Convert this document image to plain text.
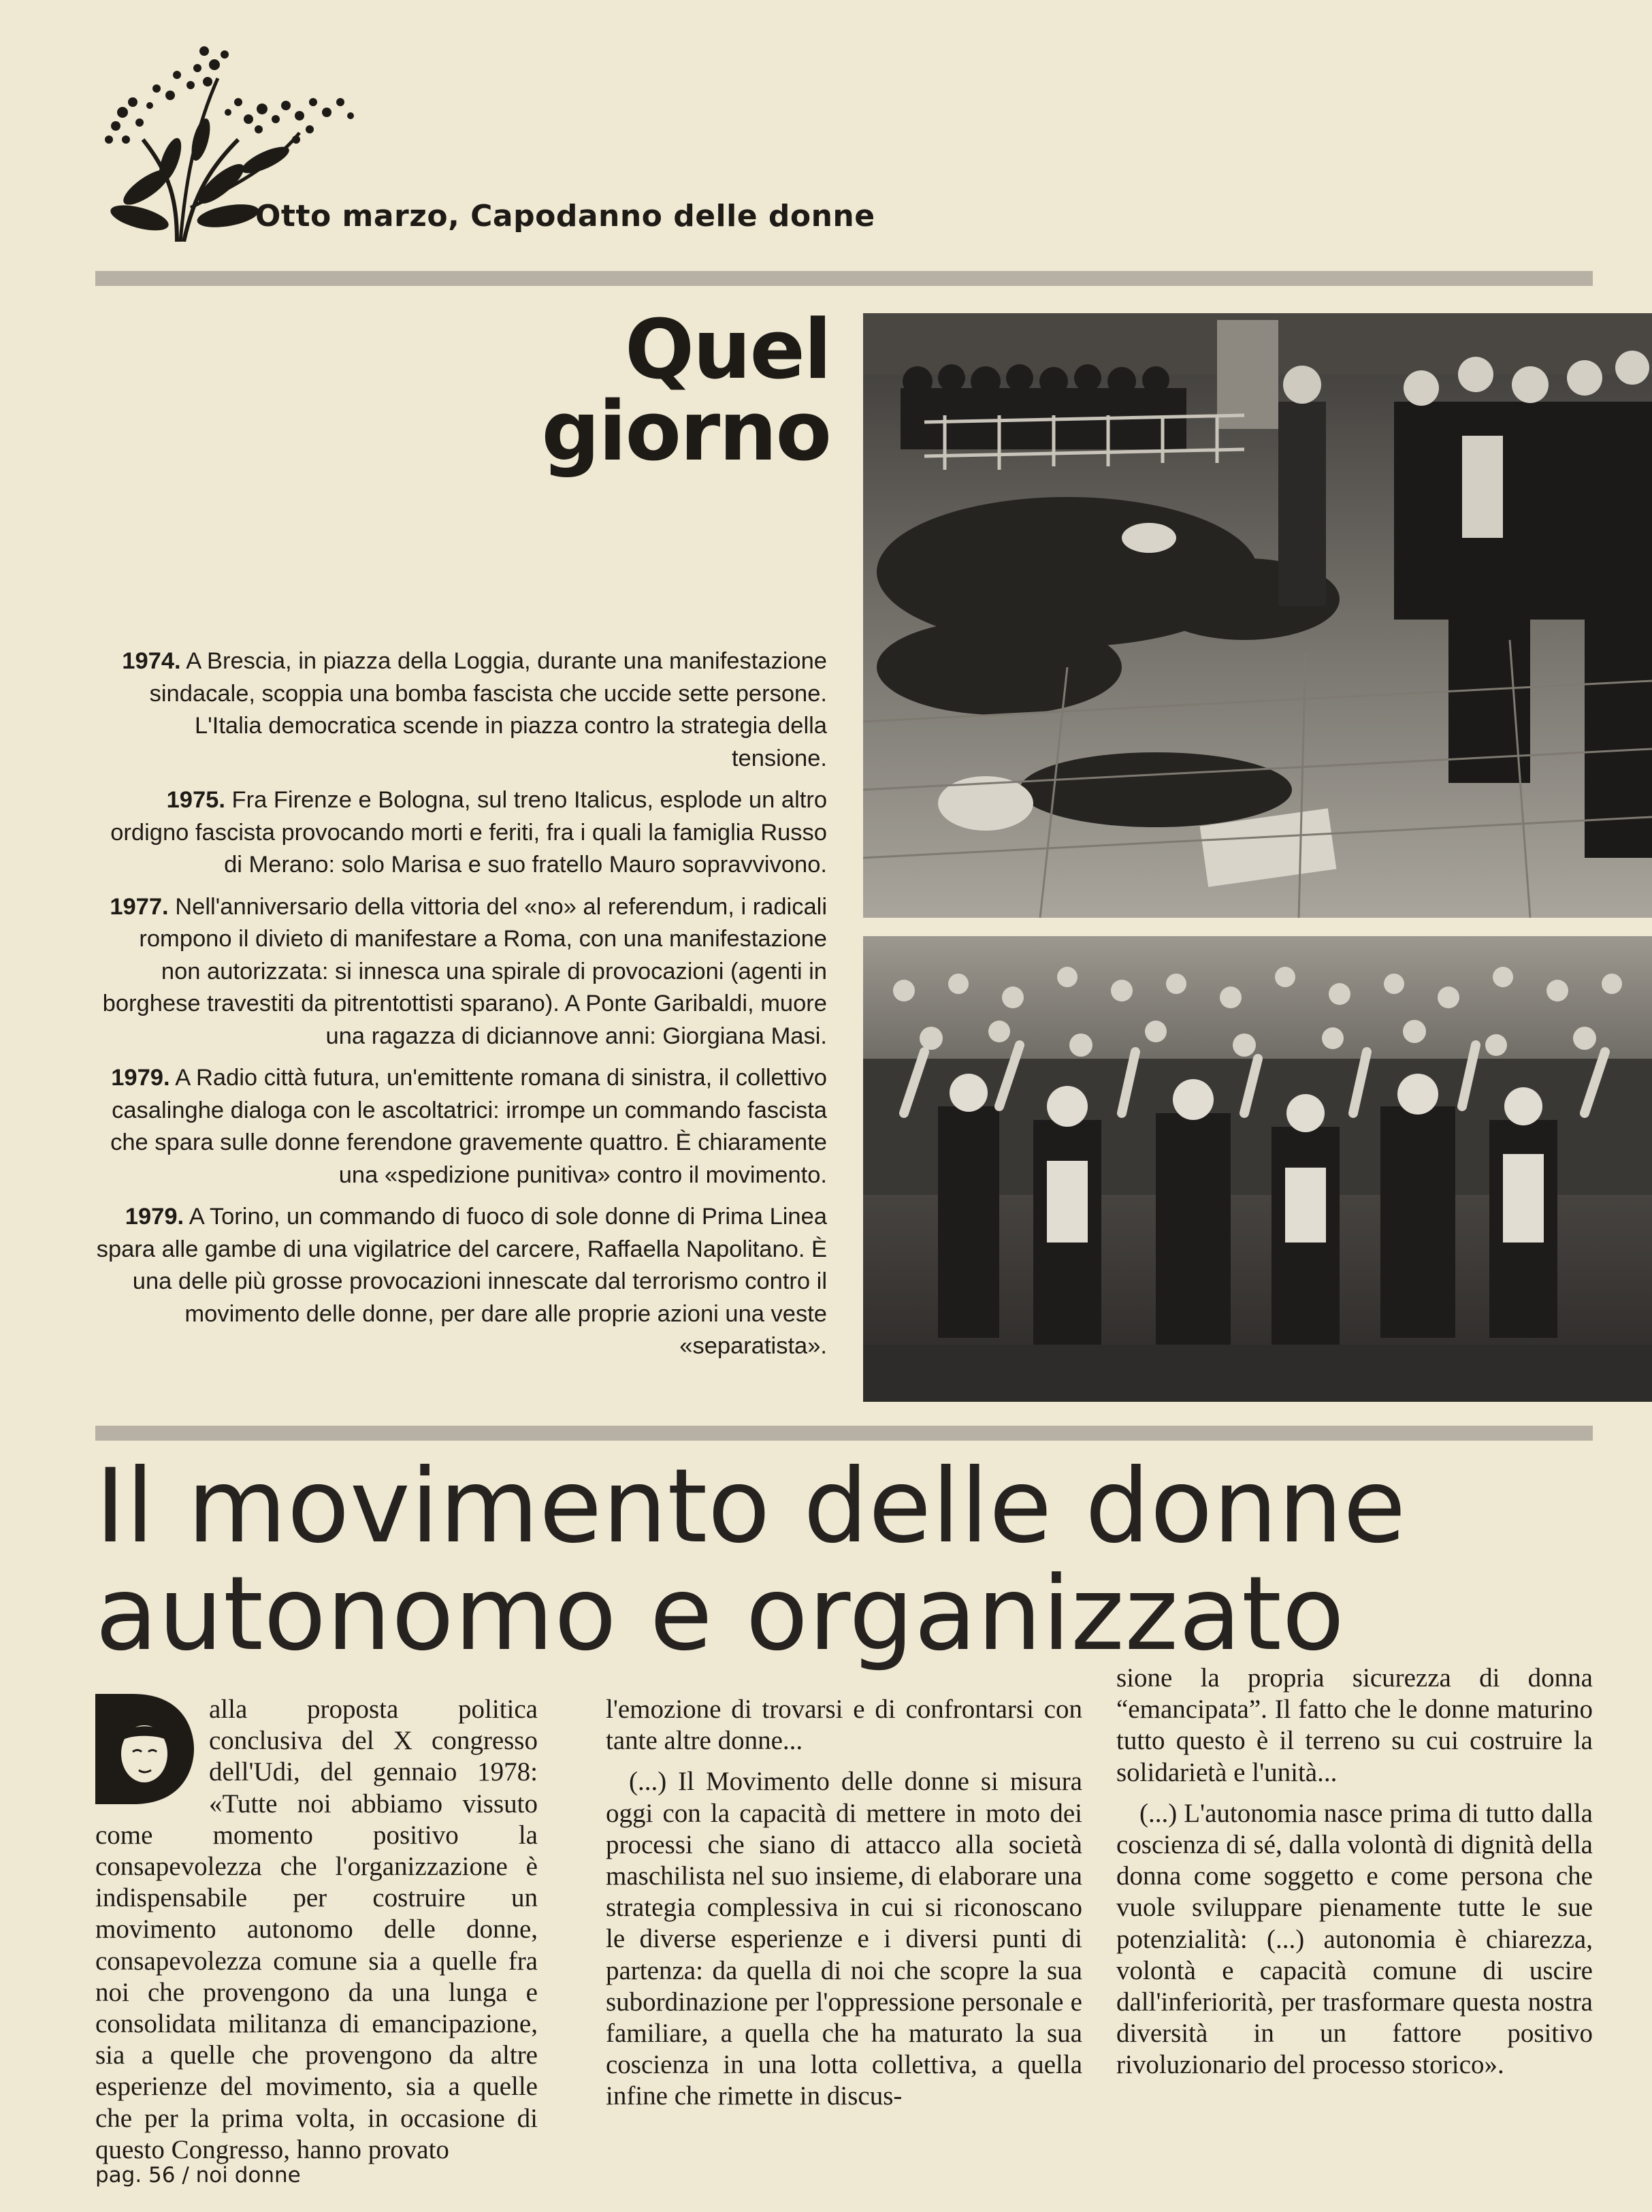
Otto marzo, Capodanno delle donne
Quel giorno

1974. A Brescia, in piazza della Loggia, durante una manifestazione sindacale, scoppia una bomba fascista che uccide sette persone. L'Italia democratica scende in piazza contro la strategia della tensione.

1975. Fra Firenze e Bologna, sul treno Italicus, esplode un altro ordigno fascista provocando morti e feriti, fra i quali la famiglia Russo di Merano: solo Marisa e suo fratello Mauro sopravvivono.

1977. Nell'anniversario della vittoria del «no» al referendum, i radicali rompono il divieto di manifestare a Roma, con una manifestazione non autorizzata: si innesca una spirale di provocazioni (agenti in borghese travestiti da pitrentottisti sparano). A Ponte Garibaldi, muore una ragazza di diciannove anni: Giorgiana Masi.

1979. A Radio città futura, un'emittente romana di sinistra, il collettivo casalinghe dialoga con le ascoltatrici: irrompe un commando fascista che spara sulle donne ferendone gravemente quattro. È chiaramente una «spedizione punitiva» contro il movimento.

1979. A Torino, un commando di fuoco di sole donne di Prima Linea spara alle gambe di una vigilatrice del carcere, Raffaella Napolitano. È una delle più grosse provocazioni innescate dal terrorismo contro il movimento delle donne, per dare alle proprie azioni una veste «separatista».

Il movimento delle donne
autonomo e organizzato

alla proposta politica conclusiva del X congresso dell'Udi, del gennaio 1978: «Tutte noi abbiamo vissuto come momento positivo la consapevolezza che l'organizzazione è indispensabile per costruire un movimento autonomo delle donne, consapevolezza comune sia a quelle fra noi che provengono da una lunga e consolidata militanza di emancipazione, sia a quelle che provengono da altre esperienze del movimento, sia a quelle che per la prima volta, in occasione di questo Congresso, hanno provato

l'emozione di trovarsi e di confrontarsi con tante altre donne...

(...) Il Movimento delle donne si misura oggi con la capacità di mettere in moto dei processi che siano di attacco alla società maschilista nel suo insieme, di elaborare una strategia complessiva in cui si riconoscano le diverse esperienze e i diversi punti di partenza: da quella di noi che scopre la sua subordinazione per l'oppressione personale e familiare, a quella che ha maturato la sua coscienza in una lotta collettiva, a quella infine che rimette in discus-

sione la propria sicurezza di donna “emancipata”. Il fatto che le donne maturino tutto questo è il terreno su cui costruire la solidarietà e l'unità...

(...) L'autonomia nasce prima di tutto dalla coscienza di sé, dalla volontà di dignità della donna come soggetto e come persona che vuole sviluppare pienamente tutte le sue potenzialità: (...) autonomia è chiarezza, volontà e capacità comune di uscire dall'inferiorità, per trasformare questa nostra diversità in un fattore positivo rivoluzionario del processo storico».

pag. 56 / noi donne
